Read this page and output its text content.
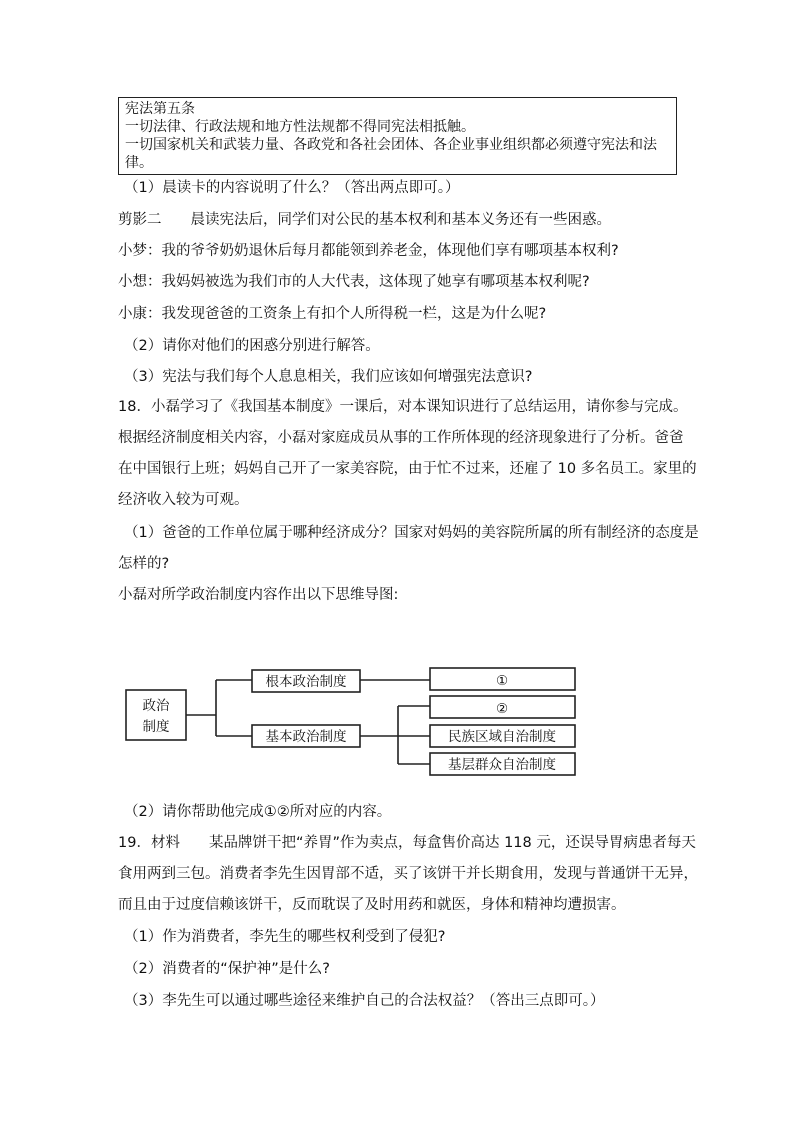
宪法第五条
一切法律、行政法规和地方性法规都不得同宪法相抵触。
一切国家机关和武装力量、各政党和各社会团体、各企业事业组织都必须遵守宪法和法
律。
（1）晨读卡的内容说明了什么？（答出两点即可。）
剪影二　　晨读宪法后，同学们对公民的基本权利和基本义务还有一些困惑。
小梦：我的爷爷奶奶退休后每月都能领到养老金，体现他们享有哪项基本权利?
小想：我妈妈被选为我们市的人大代表，这体现了她享有哪项基本权利呢?
小康：我发现爸爸的工资条上有扣个人所得税一栏，这是为什么呢?
（2）请你对他们的困惑分别进行解答。
（3）宪法与我们每个人息息相关，我们应该如何增强宪法意识?
18．小磊学习了《我国基本制度》一课后，对本课知识进行了总结运用，请你参与完成。
根据经济制度相关内容，小磊对家庭成员从事的工作所体现的经济现象进行了分析。爸爸
在中国银行上班；妈妈自己开了一家美容院，由于忙不过来，还雇了 10 多名员工。家里的
经济收入较为可观。
（1）爸爸的工作单位属于哪种经济成分？国家对妈妈的美容院所属的所有制经济的态度是
怎样的?
小磊对所学政治制度内容作出以下思维导图:
政治
制度
根本政治制度
基本政治制度
①
②
民族区域自治制度
基层群众自治制度
（2）请你帮助他完成①②所对应的内容。
19．材料　　某品牌饼干把“养胃”作为卖点，每盒售价高达 118 元，还误导胃病患者每天
食用两到三包。消费者李先生因胃部不适，买了该饼干并长期食用，发现与普通饼干无异，
而且由于过度信赖该饼干，反而耽误了及时用药和就医，身体和精神均遭损害。
（1）作为消费者，李先生的哪些权利受到了侵犯?
（2）消费者的“保护神”是什么?
（3）李先生可以通过哪些途径来维护自己的合法权益？（答出三点即可。）
